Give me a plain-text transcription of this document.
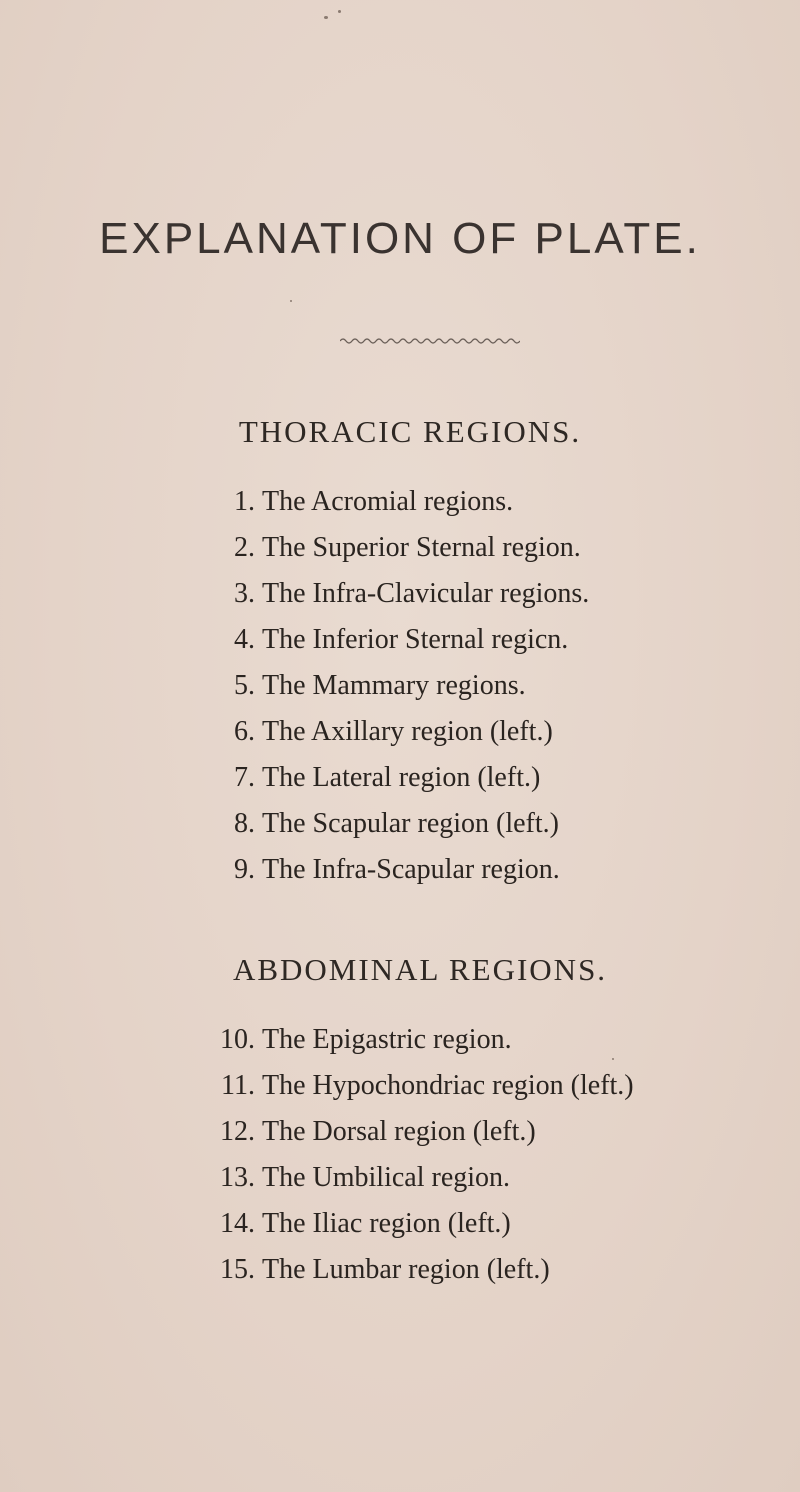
EXPLANATION OF PLATE.
THORACIC REGIONS.
1. The Acromial regions.
2. The Superior Sternal region.
3. The Infra-Clavicular regions.
4. The Inferior Sternal regicn.
5. The Mammary regions.
6. The Axillary region (left.)
7. The Lateral region (left.)
8. The Scapular region (left.)
9. The Infra-Scapular region.
ABDOMINAL REGIONS.
10. The Epigastric region.
11. The Hypochondriac region (left.)
12. The Dorsal region (left.)
13. The Umbilical region.
14. The Iliac region (left.)
15. The Lumbar region (left.)
